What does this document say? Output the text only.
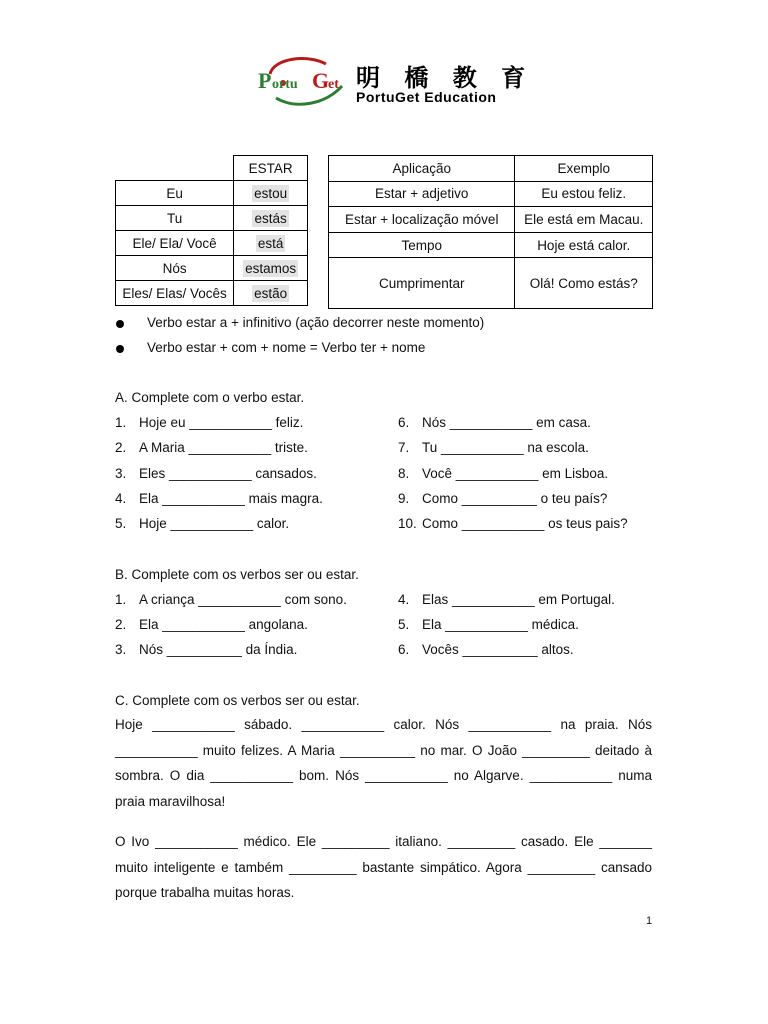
P ortu G
et 明 橋 教 育
PortuGet Education
	ESTAR
Eu	estou
Tu	estás
Ele/ Ela/ Você	está
Nós	estamos
Eles/ Elas/ Vocês	estão
Aplicação	Exemplo
Estar + adjetivo	Eu estou feliz.
Estar + localização móvel	Ele está em Macau.
Tempo	Hoje está calor.
Cumprimentar	Olá! Como estás?
Verbo estar a + infinitivo (ação decorrer neste momento)
Verbo estar + com + nome = Verbo ter + nome
A. Complete com o verbo estar.
1. Hoje eu ___________ feliz.
2. A Maria ___________ triste.
3. Eles ___________ cansados.
4. Ela ___________ mais magra.
5. Hoje ___________ calor.
6. Nós ___________ em casa.
7. Tu ___________ na escola.
8. Você ___________ em Lisboa.
9. Como __________ o teu país?
10. Como ___________ os teus pais?
B. Complete com os verbos ser ou estar.
1. A criança ___________ com sono.
2. Ela ___________ angolana.
3. Nós __________ da Índia.
4. Elas ___________ em Portugal.
5. Ela ___________ médica.
6. Vocês __________ altos.
C. Complete com os verbos ser ou estar.
Hoje ___________ sábado. ___________ calor. Nós ___________ na praia. Nós ___________ muito felizes. A Maria __________ no mar. O João _________ deitado à sombra. O dia ___________ bom. Nós ___________ no Algarve. ___________ numa praia maravilhosa!
O Ivo ___________ médico. Ele _________ italiano. _________ casado. Ele _______ muito inteligente e também _________ bastante simpático. Agora _________ cansado porque trabalha muitas horas.
1
